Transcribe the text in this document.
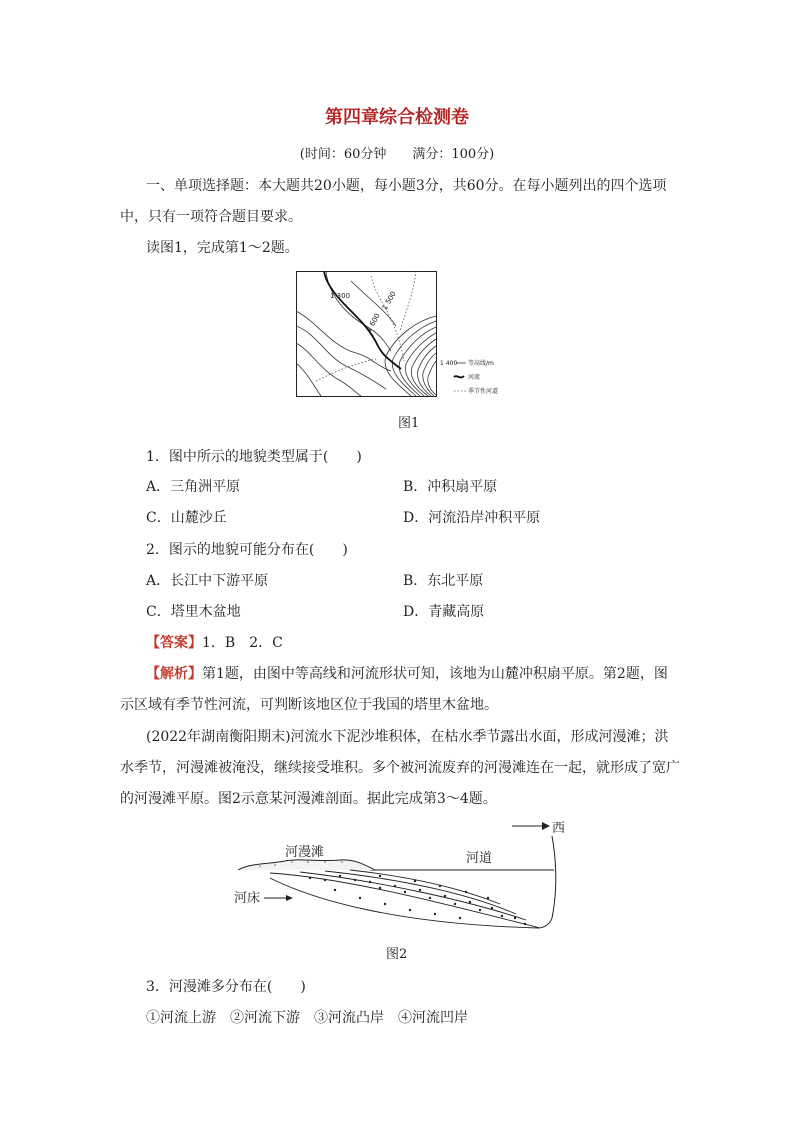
第四章综合检测卷
(时间：60分钟　　满分：100分)
一、单项选择题：本大题共20小题，每小题3分，共60分。在每小题列出的四个选项
中，只有一项符合题目要求。
读图1，完成第1～2题。
1 300	1 500
1 600
1 400 等高线/m
河流
季节性河道
图1
1．图中所示的地貌类型属于(　　)
A．三角洲平原	B．冲积扇平原
C．山麓沙丘	D．河流沿岸冲积平原
2．图示的地貌可能分布在(　　)
A．长江中下游平原	B．东北平原
C．塔里木盆地	D．青藏高原
【答案】1．B　2．C
【解析】第1题，由图中等高线和河流形状可知，该地为山麓冲积扇平原。第2题，图
示区域有季节性河流，可判断该地区位于我国的塔里木盆地。
(2022年湖南衡阳期末)河流水下泥沙堆积体，在枯水季节露出水面，形成河漫滩；洪
水季节，河漫滩被淹没，继续接受堆积。多个被河流废弃的河漫滩连在一起，就形成了宽广
的河漫滩平原。图2示意某河漫滩剖面。据此完成第3～4题。
西
河漫滩	河道
河床
图2
3．河漫滩多分布在(　　)
①河流上游　②河流下游　③河流凸岸　④河流凹岸
